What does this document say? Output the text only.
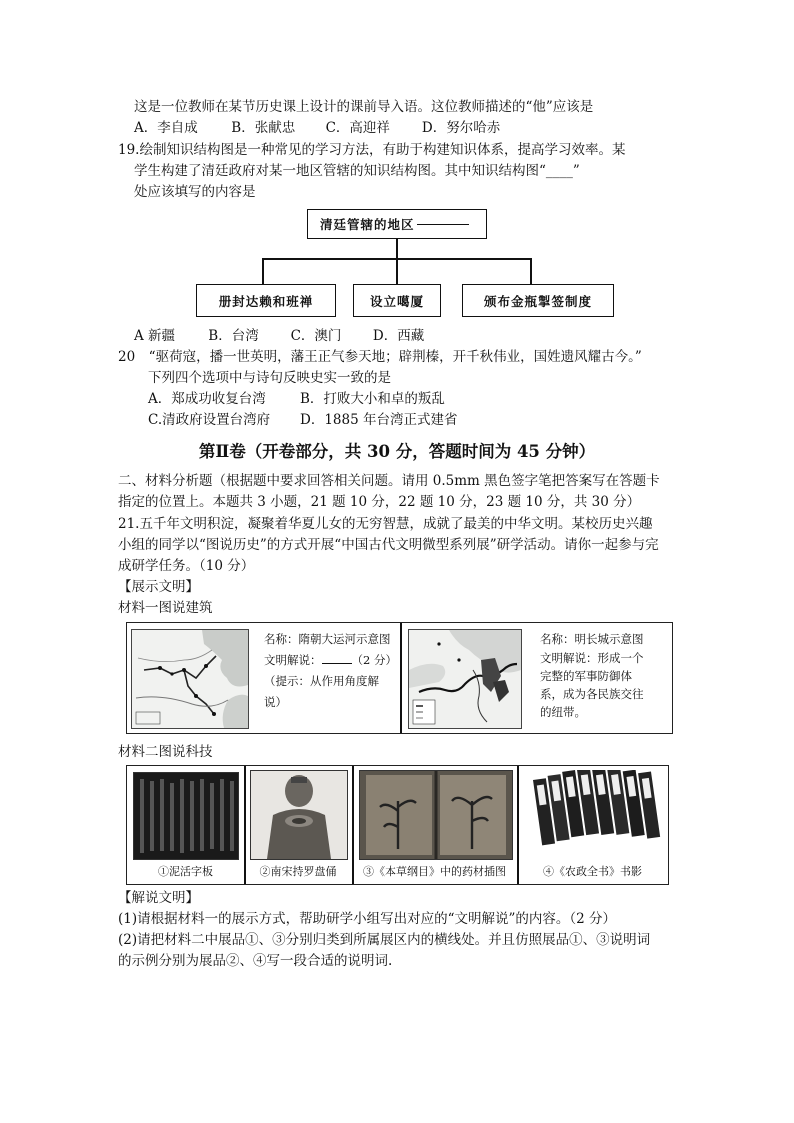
这是一位教师在某节历史课上设计的课前导入语。这位教师描述的“他”应该是
A．李自成 B．张献忠 C．高迎祥 D．努尔哈赤
19.绘制知识结构图是一种常见的学习方法，有助于构建知识体系，提高学习效率。某
学生构建了清廷政府对某一地区管辖的知识结构图。其中知识结构图“____”
处应该填写的内容是
清廷管辖的地区
册封达赖和班禅	设立噶厦	颁布金瓶掣签制度
A 新疆 B．台湾 C．澳门 D．西藏
20　“驱荷寇，播一世英明，藩王正气参天地；辟荆榛，开千秋伟业，国姓遗风耀古今。”
下列四个选项中与诗句反映史实一致的是
A．郑成功收复台湾	B．打败大小和卓的叛乱
C.清政府设置台湾府 D．1885 年台湾正式建省
第Ⅱ卷（开卷部分，共 30 分，答题时间为 45 分钟）
二、材料分析题（根据题中要求回答相关问题。请用 0.5mm 黑色签字笔把答案写在答题卡
指定的位置上。本题共 3 小题，21 题 10 分，22 题 10 分，23 题 10 分，共 30 分）
21.五千年文明积淀，凝聚着华夏儿女的无穷智慧，成就了最美的中华文明。某校历史兴趣
小组的同学以“图说历史”的方式开展“中国古代文明微型系列展”研学活动。请你一起参与完
成研学任务。（10 分）
【展示文明】
材料一图说建筑
名称：隋朝大运河示意图
文明解说：	（2 分）
（提示：从作用角度解
说）
名称：明长城示意图
文明解说：形成一个
完整的军事防御体
系，成为各民族交往
的纽带。
材料二图说科技
①泥活字板	②南宋持罗盘俑	③《本草纲目》中的药材插图	④《农政全书》书影
【解说文明】
(1)请根据材料一的展示方式，帮助研学小组写出对应的“文明解说”的内容。（2 分）
(2)请把材料二中展品①、③分别归类到所属展区内的横线处。并且仿照展品①、③说明词
的示例分别为展品②、④写一段合适的说明词.
